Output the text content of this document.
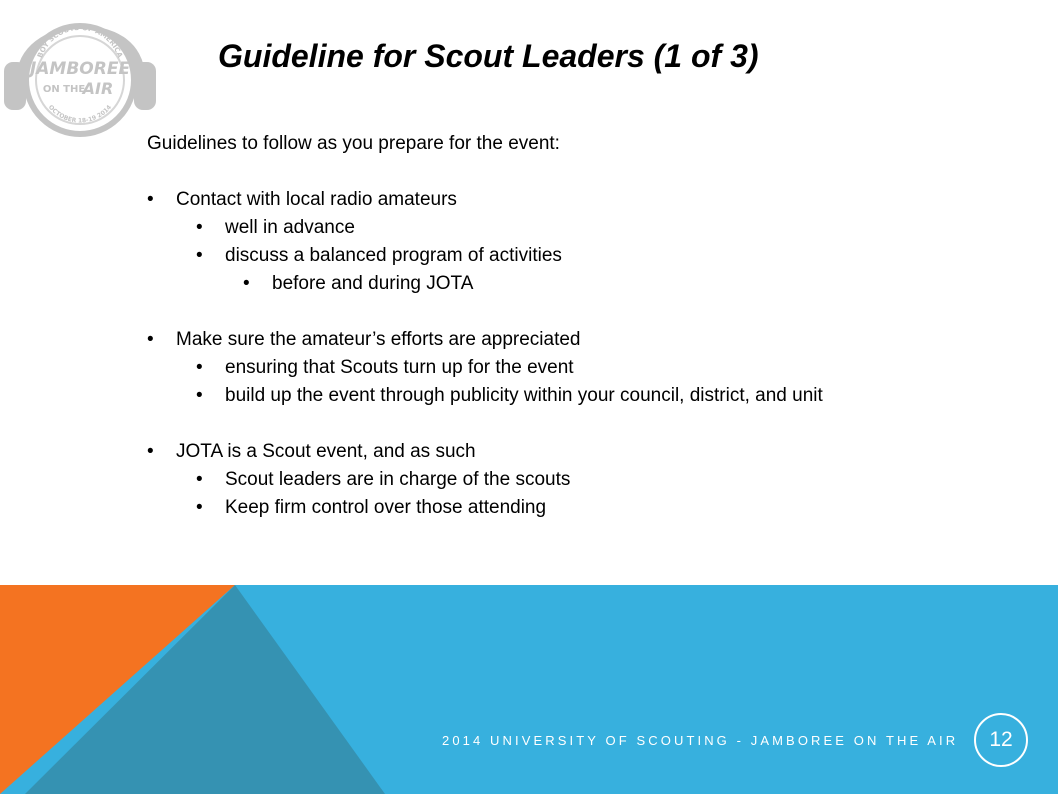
BOY SCOUTS OF AMERICA
OCTOBER 18-19 2014
JAMBOREE
ON THE
AIR
Guideline for Scout Leaders (1 of 3)

Guidelines to follow as you prepare for the event:

• Contact with local radio amateurs
• well in advance
• discuss a balanced program of activities
• before and during JOTA
• Make sure the amateur’s efforts are appreciated
• ensuring that Scouts turn up for the event
• build up the event through publicity within your council, district, and unit
• JOTA is a Scout event, and as such
• Scout leaders are in charge of the scouts
• Keep firm control over those attending
2014 UNIVERSITY OF SCOUTING - JAMBOREE ON THE AIR	12
